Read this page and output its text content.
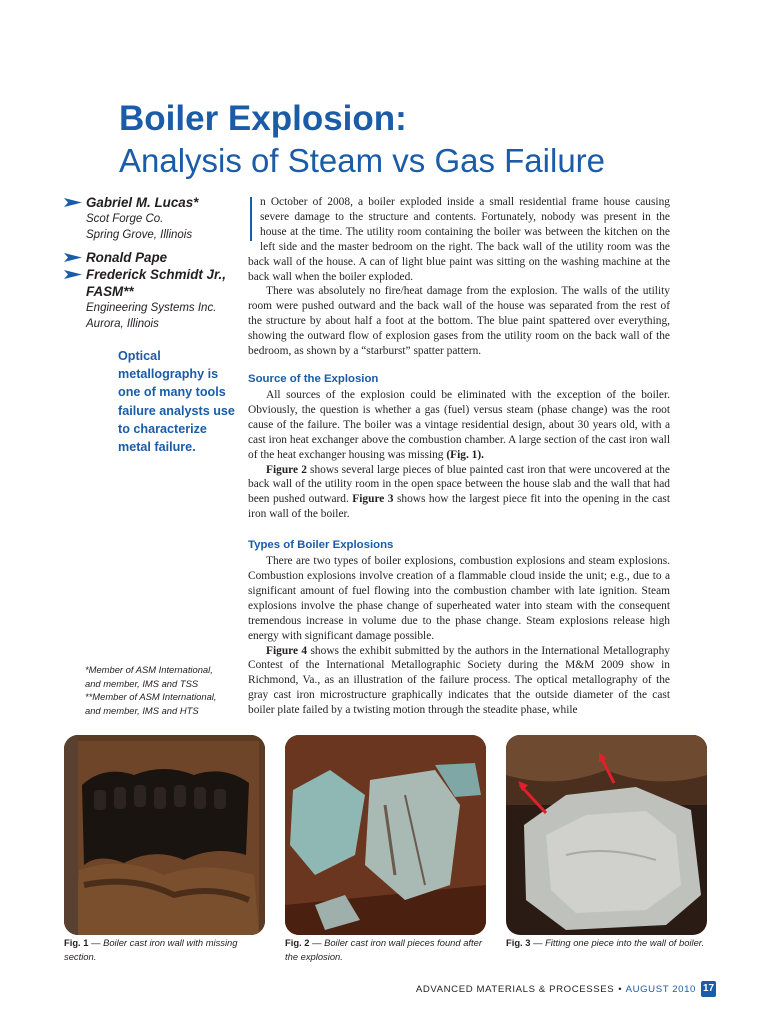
Boiler Explosion:
Analysis of Steam vs Gas Failure
Gabriel M. Lucas*
Scot Forge Co.
Spring Grove, Illinois
Ronald Pape
Frederick Schmidt Jr.,
FASM**
Engineering Systems Inc.
Aurora, Illinois
Optical metallography is one of many tools failure analysts use to characterize metal failure.
*Member of ASM International,
and member, IMS and TSS
**Member of ASM International,
and member, IMS and HTS

n October of 2008, a boiler exploded inside a small residential frame house causing severe damage to the structure and contents. Fortunately, nobody was present in the house at the time. The utility room containing the boiler was between the kitchen on the left side and the master bedroom on the right. The back wall of the utility room was the back wall of the house. A can of light blue paint was sitting on the washing machine at the back wall when the boiler exploded.

There was absolutely no fire/heat damage from the explosion. The walls of the utility room were pushed outward and the back wall of the house was separated from the rest of the structure by about half a foot at the bottom. The blue paint spattered over everything, showing the outward flow of explosion gases from the utility room on the back wall of the bedroom, as shown by a “starburst” spatter pattern.

Source of the Explosion

All sources of the explosion could be eliminated with the exception of the boiler. Obviously, the question is whether a gas (fuel) versus steam (phase change) was the root cause of the failure. The boiler was a vintage residential design, about 30 years old, with a cast iron heat exchanger above the combustion chamber. A large section of the cast iron wall of the heat exchanger housing was missing (Fig. 1).

Figure 2 shows several large pieces of blue painted cast iron that were uncovered at the back wall of the utility room in the open space between the house slab and the wall that had been pushed outward. Figure 3 shows how the largest piece fit into the opening in the cast iron wall of the boiler.

Types of Boiler Explosions

There are two types of boiler explosions, combustion explosions and steam explosions. Combustion explosions involve creation of a flammable cloud inside the unit; e.g., due to a significant amount of fuel flowing into the combustion chamber with late ignition. Steam explosions involve the phase change of superheated water into steam with the consequent tremendous increase in volume due to the phase change. Steam explosions release high energy with significant damage possible.

Figure 4 shows the exhibit submitted by the authors in the International Metallography Contest of the International Metallographic Society during the M&M 2009 show in Richmond, Va., as an illustration of the failure process. The optical metallography of the gray cast iron microstructure graphically indicates that the outside diameter of the cast boiler plate failed by a twisting motion through the steadite phase, while

Fig. 1 — Boiler cast iron wall with missing section.
Fig. 2 — Boiler cast iron wall pieces found after the explosion.
Fig. 3 — Fitting one piece into the wall of boiler.
ADVANCED MATERIALS & PROCESSES • AUGUST 2010 17
